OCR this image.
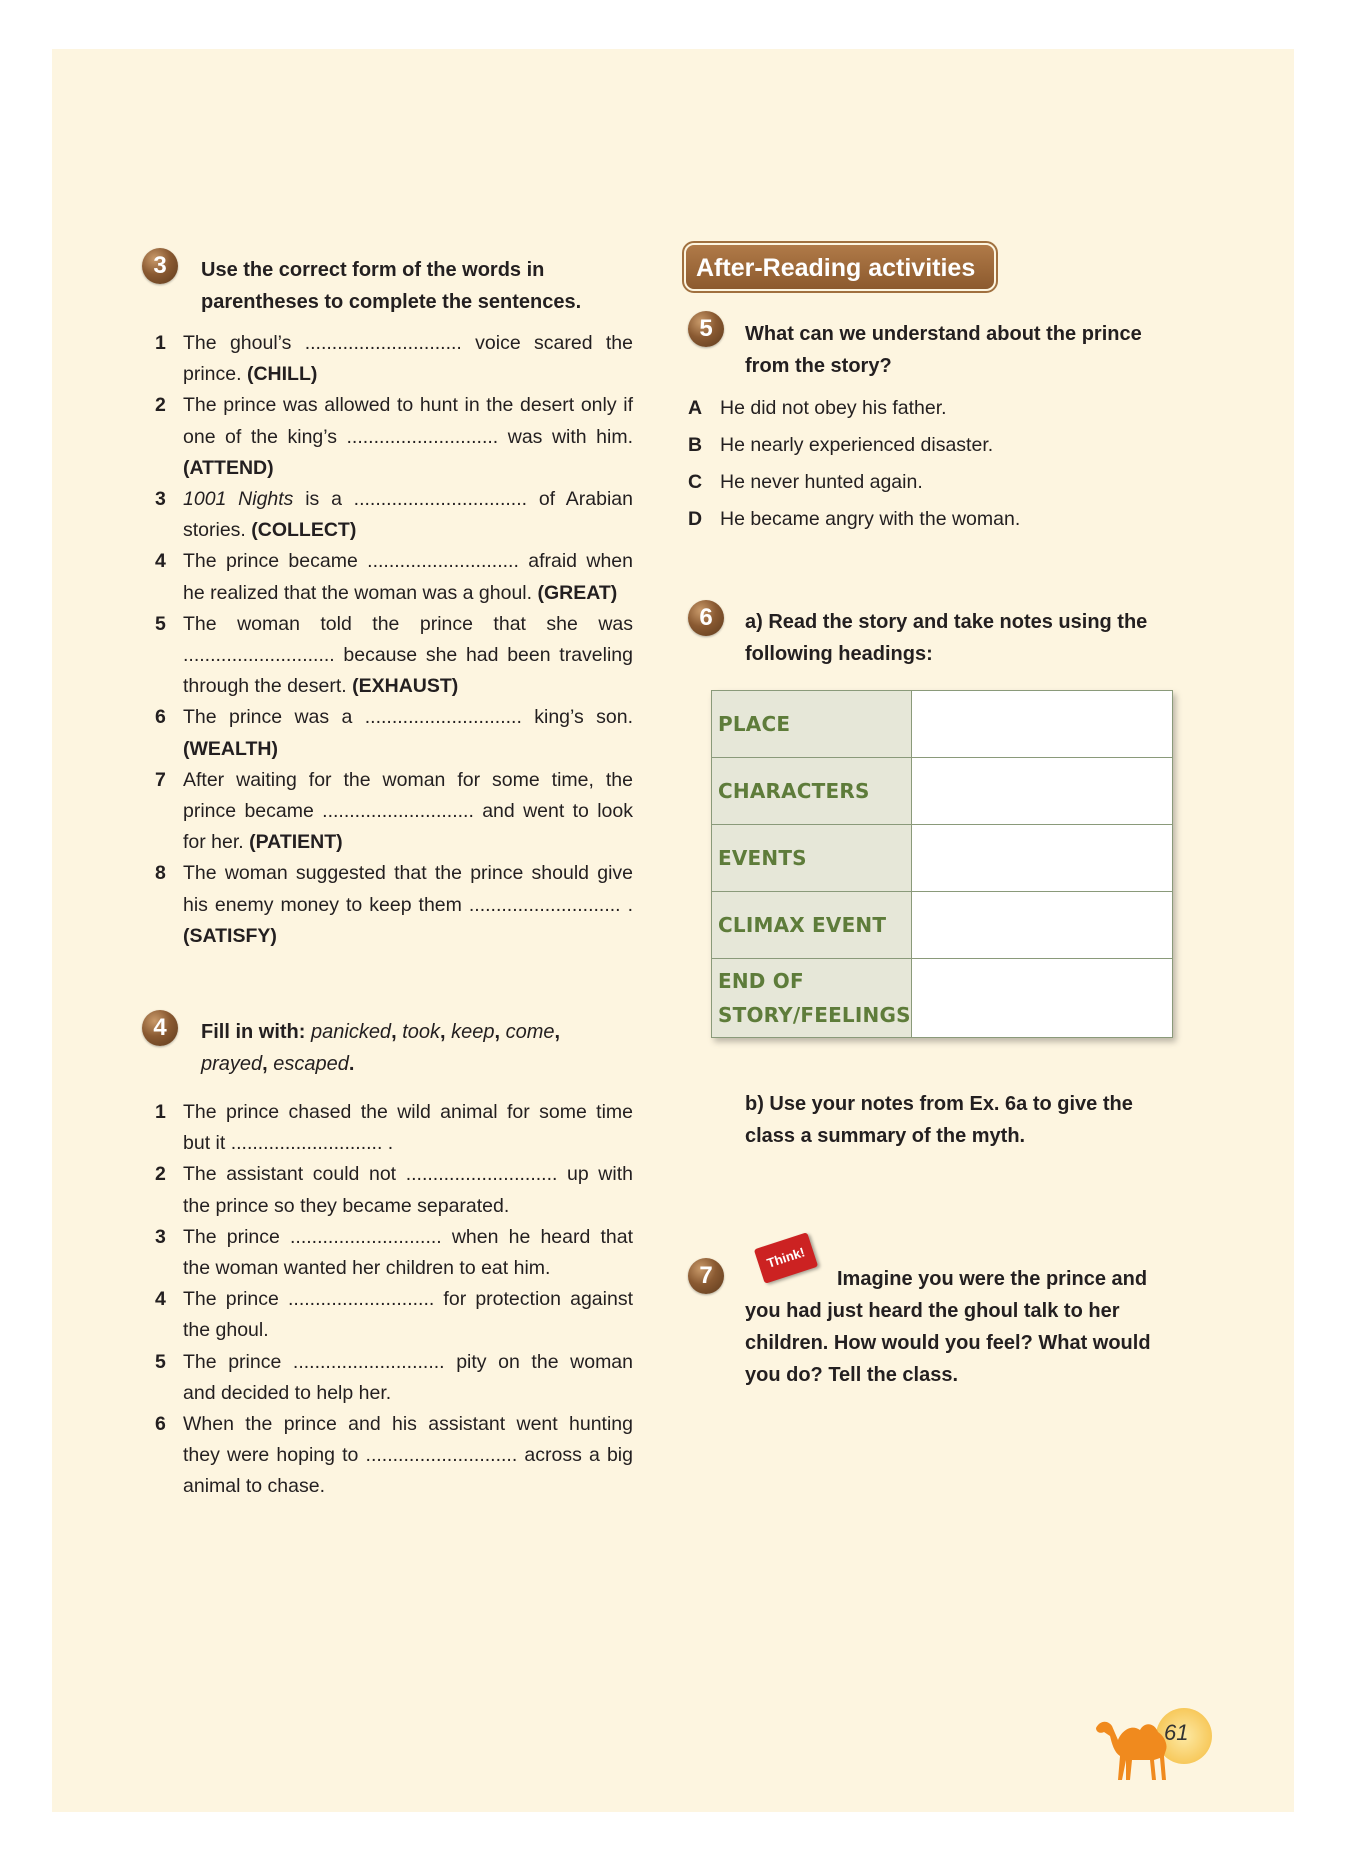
3	Use the correct form of the words in
parentheses to complete the sentences.
1 The ghoul’s ............................. voice scared the prince. (CHILL)
2 The prince was allowed to hunt in the desert only if one of the king’s ............................ was with him. (ATTEND)
3 1001 Nights is a ................................ of Arabian stories. (COLLECT)
4 The prince became ............................ afraid when he realized that the woman was a ghoul. (GREAT)
5 The woman told the prince that she was ............................ because she had been traveling through the desert. (EXHAUST)
6 The prince was a ............................. king’s son. (WEALTH)
7 After waiting for the woman for some time, the prince became ............................ and went to look for her. (PATIENT)
8 The woman suggested that the prince should give his enemy money to keep them ............................ . (SATISFY)
4	Fill in with: panicked, took, keep, come,
prayed, escaped.
1 The prince chased the wild animal for some time but it ............................ .
2 The assistant could not ............................ up with the prince so they became separated.
3 The prince ............................ when he heard that the woman wanted her children to eat him.
4 The prince ........................... for protection against the ghoul.
5 The prince ............................ pity on the woman and decided to help her.
6 When the prince and his assistant went hunting they were hoping to ............................ across a big animal to chase.
After-Reading activities
5	What can we understand about the prince
from the story?
A He did not obey his father.
B He nearly experienced disaster.
C He never hunted again.
D He became angry with the woman.
6	a) Read the story and take notes using the
following headings:
PLACE	
CHARACTERS	
EVENTS	
CLIMAX EVENT	
END OF STORY/FEELINGS	
b) Use your notes from Ex. 6a to give the
class a summary of the myth.
7
Think!
Imagine you were the prince and
you had just heard the ghoul talk to her
children. How would you feel? What would
you do? Tell the class.
61
